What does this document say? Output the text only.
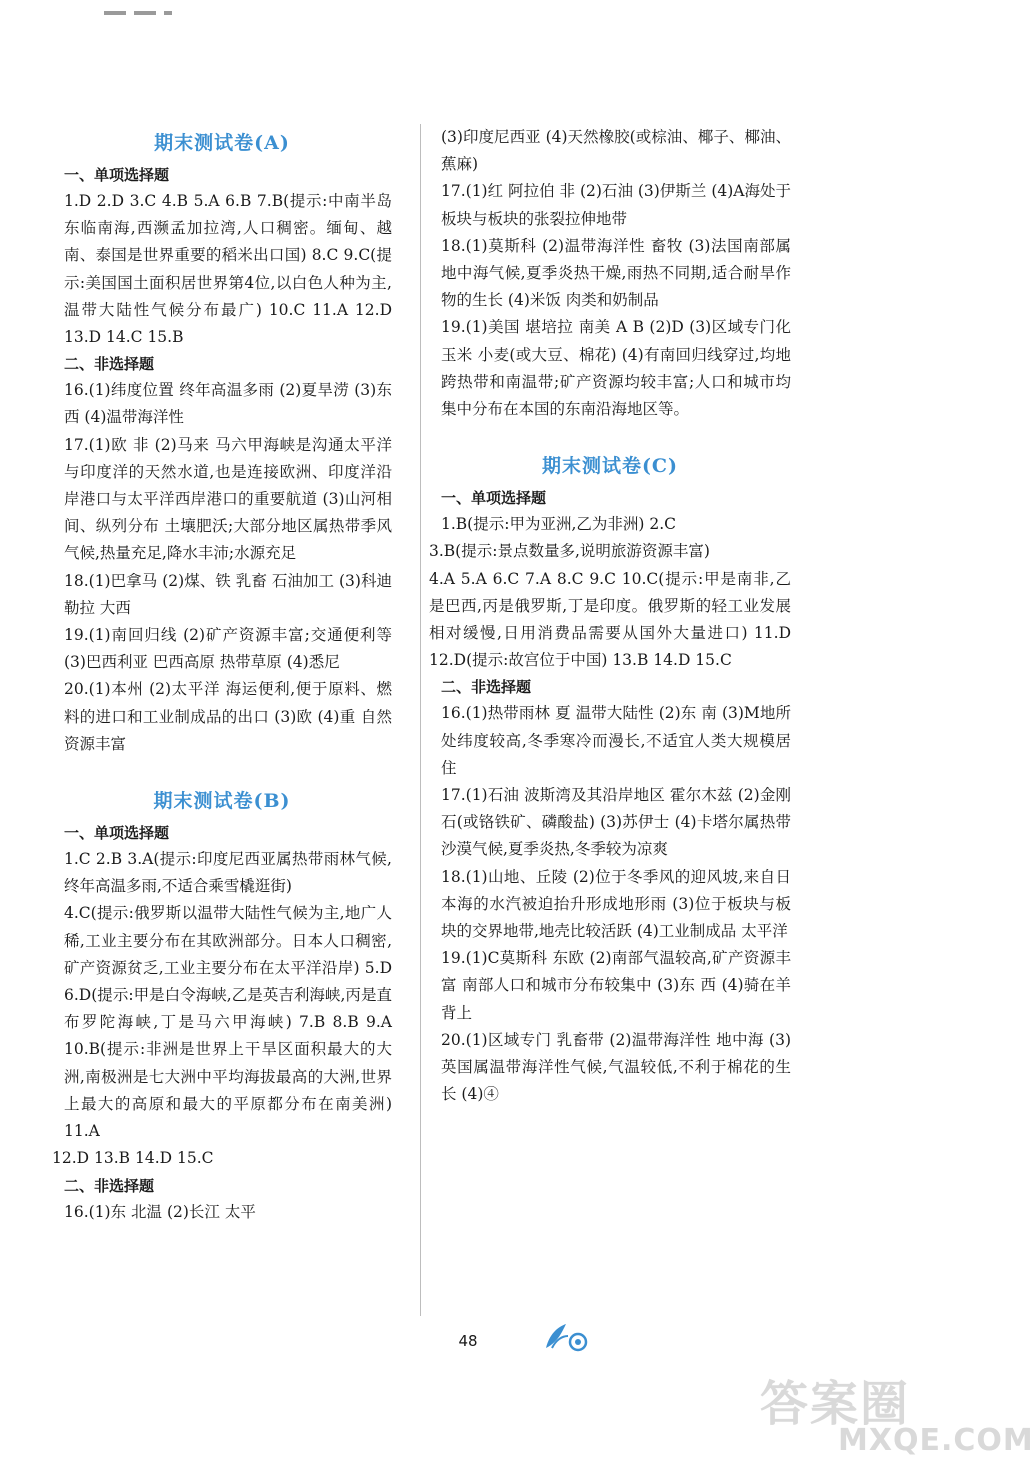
期末测试卷(A)
一、单项选择题

1.D 2.D 3.C 4.B 5.A 6.B 7.B(提示:中南半岛东临南海,西濒孟加拉湾,人口稠密。缅甸、越南、泰国是世界重要的稻米出口国) 8.C 9.C(提示:美国国土面积居世界第4位,以白色人种为主,温带大陆性气候分布最广) 10.C 11.A 12.D 13.D 14.C 15.B

二、非选择题

16.(1)纬度位置 终年高温多雨 (2)夏旱涝 (3)东西 (4)温带海洋性

17.(1)欧 非 (2)马来 马六甲海峡是沟通太平洋与印度洋的天然水道,也是连接欧洲、印度洋沿岸港口与太平洋西岸港口的重要航道 (3)山河相间、纵列分布 土壤肥沃;大部分地区属热带季风气候,热量充足,降水丰沛;水源充足

18.(1)巴拿马 (2)煤、铁 乳畜 石油加工 (3)科迪勒拉 大西

19.(1)南回归线 (2)矿产资源丰富;交通便利等 (3)巴西利亚 巴西高原 热带草原 (4)悉尼

20.(1)本州 (2)太平洋 海运便利,便于原料、燃料的进口和工业制成品的出口 (3)欧 (4)重 自然资源丰富

期末测试卷(B)
一、单项选择题

1.C 2.B 3.A(提示:印度尼西亚属热带雨林气候,终年高温多雨,不适合乘雪橇逛街)

4.C(提示:俄罗斯以温带大陆性气候为主,地广人稀,工业主要分布在其欧洲部分。日本人口稠密,矿产资源贫乏,工业主要分布在太平洋沿岸) 5.D 6.D(提示:甲是白令海峡,乙是英吉利海峡,丙是直布罗陀海峡,丁是马六甲海峡) 7.B 8.B 9.A 10.B(提示:非洲是世界上干旱区面积最大的大洲,南极洲是七大洲中平均海拔最高的大洲,世界上最大的高原和最大的平原都分布在南美洲) 11.A

12.D 13.B 14.D 15.C

二、非选择题

16.(1)东 北温 (2)长江 太平

(3)印度尼西亚 (4)天然橡胶(或棕油、椰子、椰油、蕉麻)

17.(1)红 阿拉伯 非 (2)石油 (3)伊斯兰 (4)A海处于板块与板块的张裂拉伸地带

18.(1)莫斯科 (2)温带海洋性 畜牧 (3)法国南部属地中海气候,夏季炎热干燥,雨热不同期,适合耐旱作物的生长 (4)米饭 肉类和奶制品

19.(1)美国 堪培拉 南美 A B (2)D (3)区域专门化 玉米 小麦(或大豆、棉花) (4)有南回归线穿过,均地跨热带和南温带;矿产资源均较丰富;人口和城市均集中分布在本国的东南沿海地区等。

期末测试卷(C)
一、单项选择题

1.B(提示:甲为亚洲,乙为非洲) 2.C

3.B(提示:景点数量多,说明旅游资源丰富)

4.A 5.A 6.C 7.A 8.C 9.C 10.C(提示:甲是南非,乙是巴西,丙是俄罗斯,丁是印度。俄罗斯的轻工业发展相对缓慢,日用消费品需要从国外大量进口) 11.D 12.D(提示:故宫位于中国) 13.B 14.D 15.C

二、非选择题

16.(1)热带雨林 夏 温带大陆性 (2)东 南 (3)M地所处纬度较高,冬季寒冷而漫长,不适宜人类大规模居住

17.(1)石油 波斯湾及其沿岸地区 霍尔木兹 (2)金刚石(或铬铁矿、磷酸盐) (3)苏伊士 (4)卡塔尔属热带沙漠气候,夏季炎热,冬季较为凉爽

18.(1)山地、丘陵 (2)位于冬季风的迎风坡,来自日本海的水汽被迫抬升形成地形雨 (3)位于板块与板块的交界地带,地壳比较活跃 (4)工业制成品 太平洋

19.(1)C莫斯科 东欧 (2)南部气温较高,矿产资源丰富 南部人口和城市分布较集中 (3)东 西 (4)骑在羊背上

20.(1)区域专门 乳畜带 (2)温带海洋性 地中海 (3)英国属温带海洋性气候,气温较低,不利于棉花的生长 (4)④

48
答案圈
MXQE.COM
